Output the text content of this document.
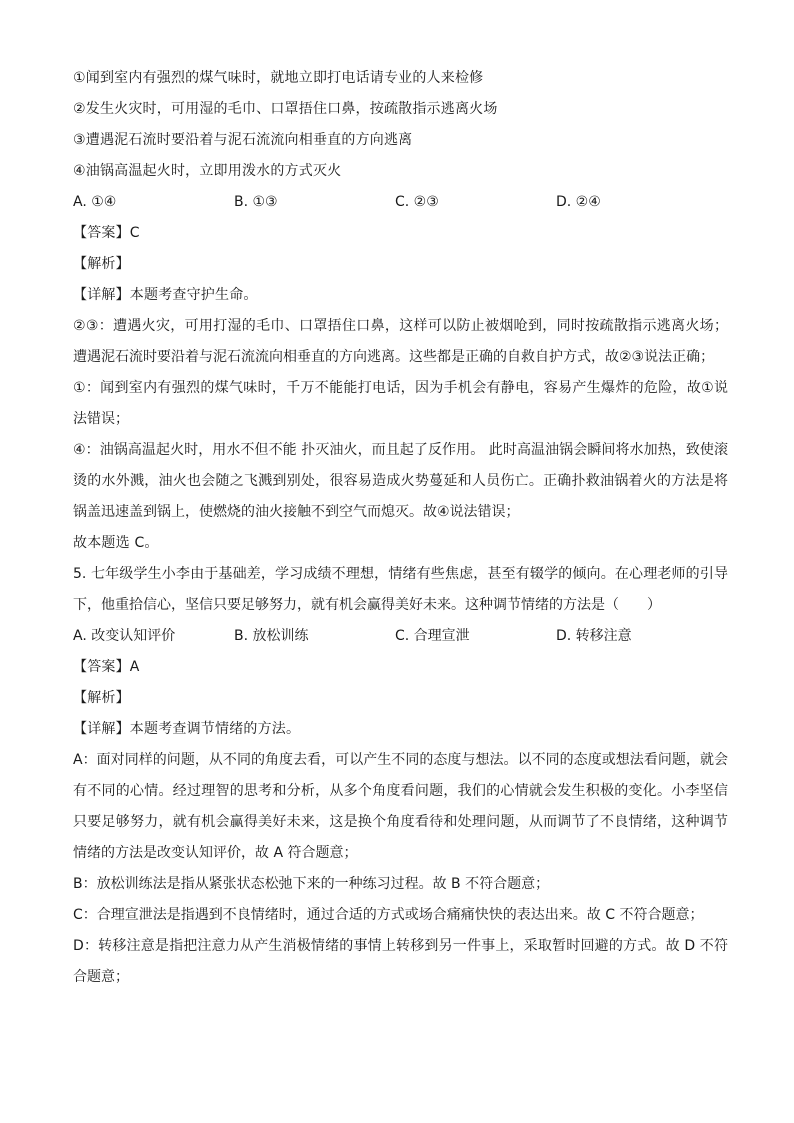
①闻到室内有强烈的煤气味时，就地立即打电话请专业的人来检修
②发生火灾时，可用湿的毛巾、口罩捂住口鼻，按疏散指示逃离火场
③遭遇泥石流时要沿着与泥石流流向相垂直的方向逃离
④油锅高温起火时，立即用泼水的方式灭火
A. ①④	B. ①③	C. ②③	D. ②④
【答案】C
【解析】
【详解】本题考查守护生命。
②③：遭遇火灾，可用打湿的毛巾、口罩捂住口鼻，这样可以防止被烟呛到，同时按疏散指示逃离火场；遭遇泥石流时要沿着与泥石流流向相垂直的方向逃离。这些都是正确的自救自护方式，故②③说法正确；
①：闻到室内有强烈的煤气味时，千万不能能打电话，因为手机会有静电，容易产生爆炸的危险，故①说法错误；
④：油锅高温起火时，用水不但不能 扑灭油火，而且起了反作用。 此时高温油锅会瞬间将水加热，致使滚烫的水外溅，油火也会随之飞溅到别处，很容易造成火势蔓延和人员伤亡。正确扑救油锅着火的方法是将锅盖迅速盖到锅上，使燃烧的油火接触不到空气而熄灭。故④说法错误；
故本题选 C。
5. 七年级学生小李由于基础差，学习成绩不理想，情绪有些焦虑，甚至有辍学的倾向。在心理老师的引导下，他重拾信心，坚信只要足够努力，就有机会赢得美好未来。这种调节情绪的方法是（　　）
A. 改变认知评价	B. 放松训练	C. 合理宣泄	D. 转移注意
【答案】A
【解析】
【详解】本题考查调节情绪的方法。
A：面对同样的问题，从不同的角度去看，可以产生不同的态度与想法。以不同的态度或想法看问题，就会有不同的心情。经过理智的思考和分析，从多个角度看问题，我们的心情就会发生积极的变化。小李坚信只要足够努力，就有机会赢得美好未来，这是换个角度看待和处理问题，从而调节了不良情绪，这种调节情绪的方法是改变认知评价，故 A 符合题意；
B：放松训练法是指从紧张状态松弛下来的一种练习过程。故 B 不符合题意；
C：合理宣泄法是指遇到不良情绪时，通过合适的方式或场合痛痛快快的表达出来。故 C 不符合题意；
D：转移注意是指把注意力从产生消极情绪的事情上转移到另一件事上，采取暂时回避的方式。故 D 不符合题意；
